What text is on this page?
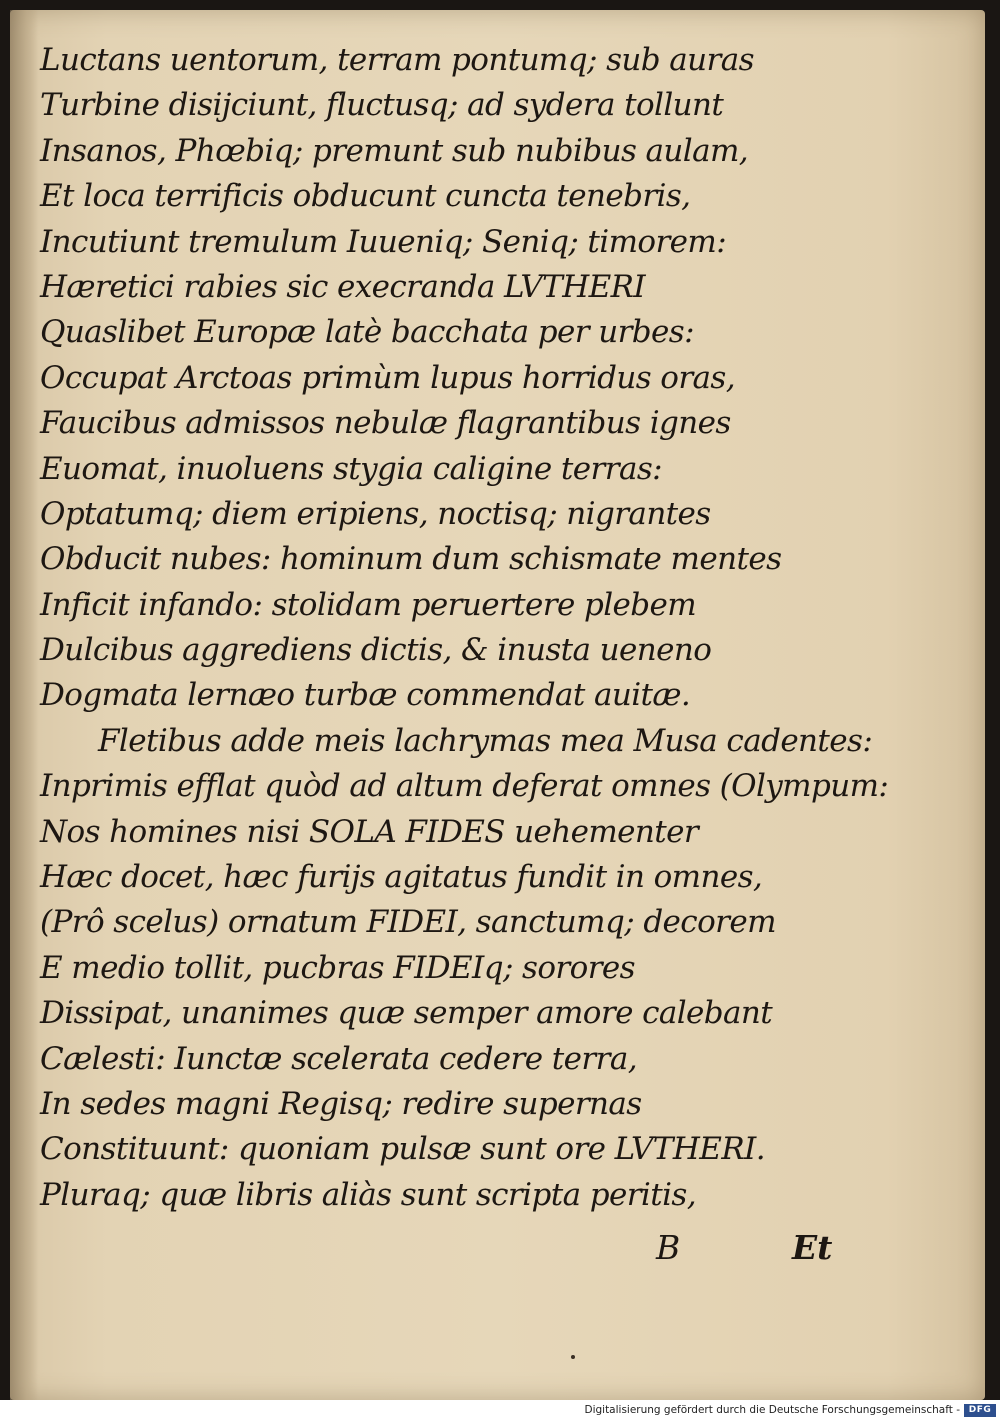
Luctans uentorum, terram pontumq; sub auras
Turbine disijciunt, fluctusq; ad sydera tollunt
Insanos, Phœbiq; premunt sub nubibus aulam,
Et loca terrificis obducunt cuncta tenebris,
Incutiunt tremulum Iuueniq; Seniq; timorem:
Hæretici rabies sic execranda LVTHERI
Quaslibet Europæ latè bacchata per urbes:
Occupat Arctoas primùm lupus horridus oras,
Faucibus admissos nebulæ flagrantibus ignes
Euomat, inuoluens stygia caligine terras:
Optatumq; diem eripiens, noctisq; nigrantes
Obducit nubes: hominum dum schismate mentes
Inficit infando: stolidam peruertere plebem
Dulcibus aggrediens dictis, & inusta ueneno
Dogmata lernæo turbæ commendat auitæ.
Fletibus adde meis lachrymas mea Musa cadentes:
Inprimis efflat quòd ad altum deferat omnes (Olympum:
Nos homines nisi SOLA FIDES uehementer
Hæc docet, hæc furijs agitatus fundit in omnes,
(Prô scelus) ornatum FIDEI, sanctumq; decorem
E medio tollit, pucbras FIDEIq; sorores
Dissipat, unanimes quæ semper amore calebant
Cælesti: Iunctæ scelerata cedere terra,
In sedes magni Regisq; redire supernas
Constituunt: quoniam pulsæ sunt ore LVTHERI.
Pluraq; quæ libris aliàs sunt scripta peritis,
B	Et
Digitalisierung gefördert durch die Deutsche Forschungsgemeinschaft - DFG
